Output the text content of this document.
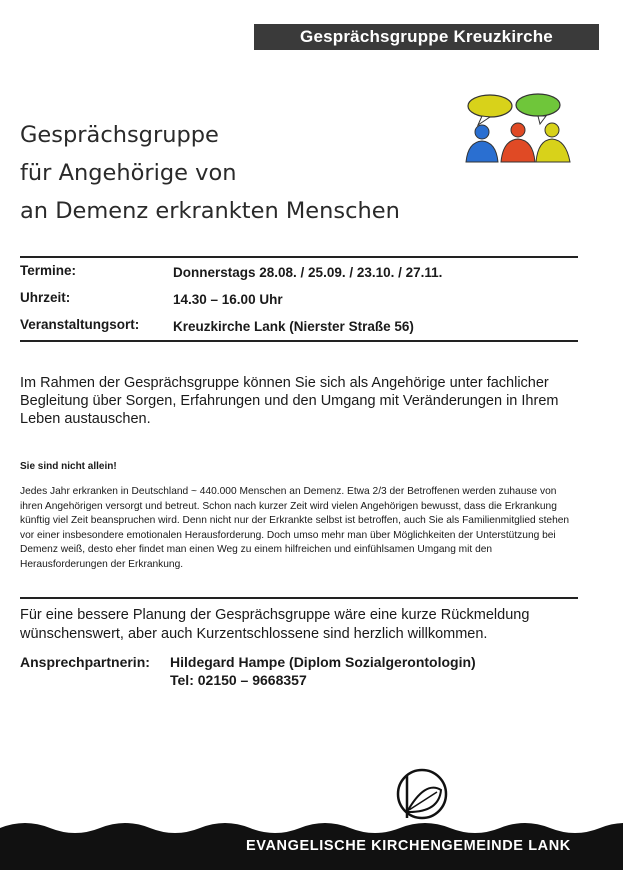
Gesprächsgruppe Kreuzkirche
Gesprächsgruppe
für Angehörige von
an Demenz erkrankten Menschen
Termine:	Donnerstags 28.08. / 25.09. / 23.10. / 27.11.
Uhrzeit:	14.30 – 16.00 Uhr
Veranstaltungsort: Kreuzkirche Lank (Nierster Straße 56)
Im Rahmen der Gesprächsgruppe können Sie sich als Angehörige unter fachlicher Begleitung über Sorgen, Erfahrungen und den Umgang mit Veränderungen in Ihrem Leben austauschen.
Sie sind nicht allein!
Jedes Jahr erkranken in Deutschland ~ 440.000 Menschen an Demenz. Etwa 2/3 der Betroffenen werden zuhause von ihren Angehörigen versorgt und betreut. Schon nach kurzer Zeit wird vielen Angehörigen bewusst, dass die Erkrankung künftig viel Zeit beanspruchen wird. Denn nicht nur der Erkrankte selbst ist betroffen, auch Sie als Familienmitglied stehen vor einer insbesondere emotionalen Herausforderung. Doch umso mehr man über Möglichkeiten der Unterstützung bei Demenz weiß, desto eher findet man einen Weg zu einem hilfreichen und einfühlsamen Umgang mit den Herausforderungen der Erkrankung.
Für eine bessere Planung der Gesprächsgruppe wäre eine kurze Rückmeldung wünschenswert, aber auch Kurzentschlossene sind herzlich willkommen.
Ansprechpartnerin: Hildegard Hampe (Diplom Sozialgerontologin)
Tel: 02150 – 9668357
EVANGELISCHE KIRCHENGEMEINDE LANK
